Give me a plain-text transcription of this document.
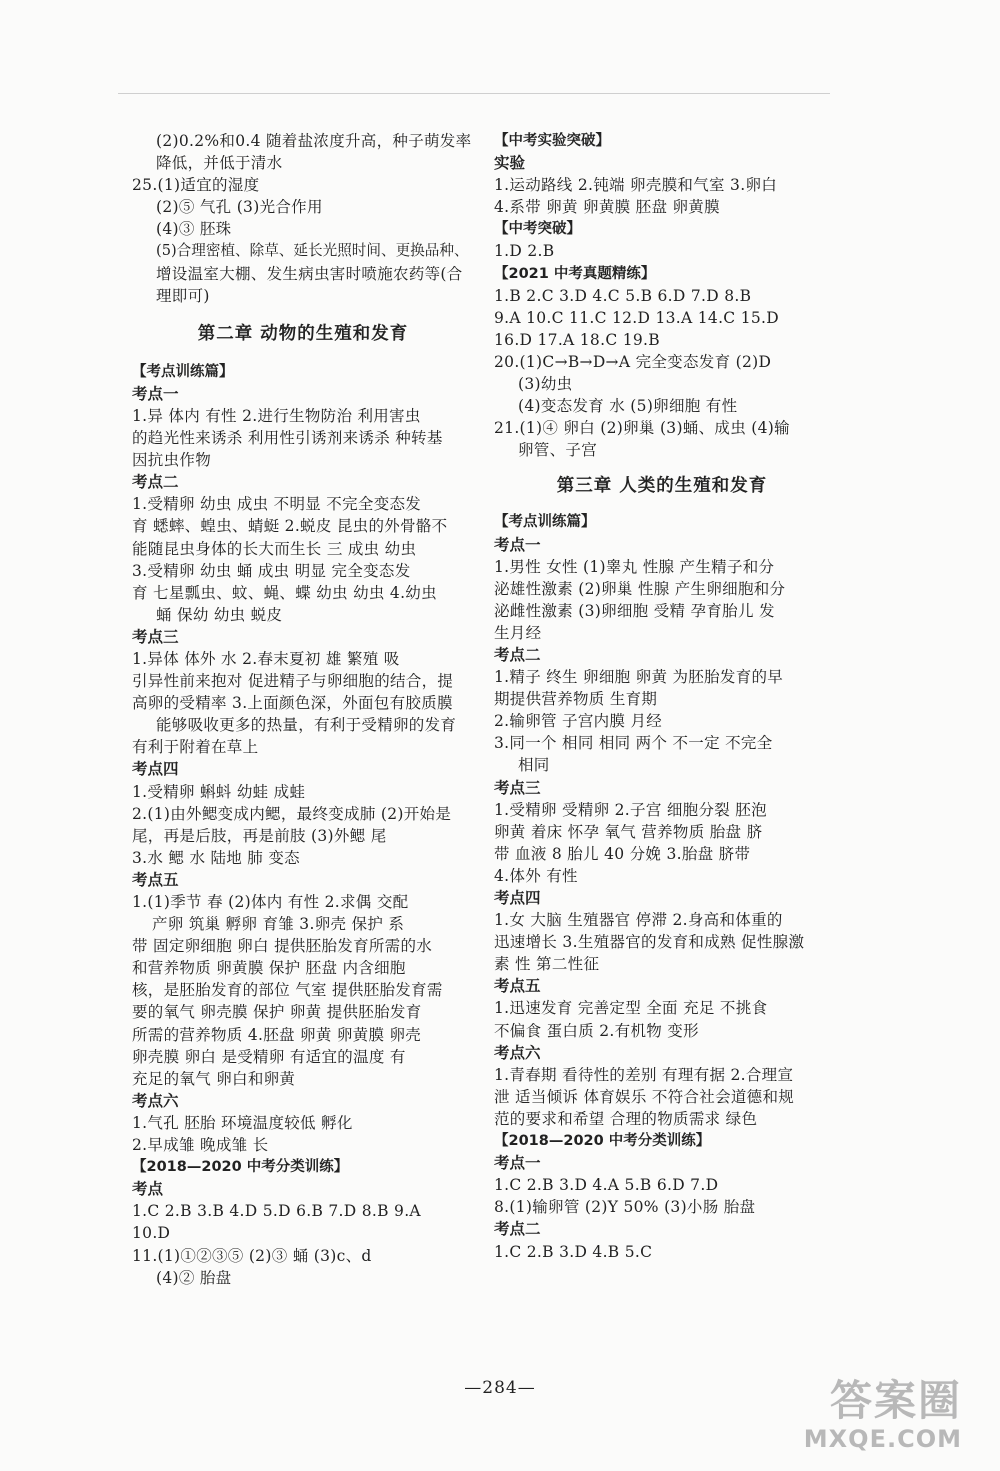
(2)0.2%和0.4 随着盐浓度升高，种子萌发率
降低，并低于清水
25.(1)适宜的湿度
(2)⑤ 气孔 (3)光合作用
(4)③ 胚珠
(5)合理密植、除草、延长光照时间、更换品种、
增设温室大棚、发生病虫害时喷施农药等(合
理即可)
第二章 动物的生殖和发育
【考点训练篇】
考点一
1.异 体内 有性 2.进行生物防治 利用害虫
的趋光性来诱杀 利用性引诱剂来诱杀 种转基
因抗虫作物
考点二
1.受精卵 幼虫 成虫 不明显 不完全变态发
育 蟋蟀、蝗虫、蜻蜓 2.蜕皮 昆虫的外骨骼不
能随昆虫身体的长大而生长 三 成虫 幼虫
3.受精卵 幼虫 蛹 成虫 明显 完全变态发
育 七星瓢虫、蚊、蝇、蝶 幼虫 幼虫 4.幼虫
蛹 保幼 幼虫 蜕皮
考点三
1.异体 体外 水 2.春末夏初 雄 繁殖 吸
引异性前来抱对 促进精子与卵细胞的结合，提
高卵的受精率 3.上面颜色深，外面包有胶质膜
能够吸收更多的热量，有利于受精卵的发育
有利于附着在草上
考点四
1.受精卵 蝌蚪 幼蛙 成蛙
2.(1)由外鳃变成内鳃，最终变成肺 (2)开始是
尾，再是后肢，再是前肢 (3)外鳃 尾
3.水 鳃 水 陆地 肺 变态
考点五
1.(1)季节 春 (2)体内 有性 2.求偶 交配
产卵 筑巢 孵卵 育雏 3.卵壳 保护 系
带 固定卵细胞 卵白 提供胚胎发育所需的水
和营养物质 卵黄膜 保护 胚盘 内含细胞
核，是胚胎发育的部位 气室 提供胚胎发育需
要的氧气 卵壳膜 保护 卵黄 提供胚胎发育
所需的营养物质 4.胚盘 卵黄 卵黄膜 卵壳
卵壳膜 卵白 是受精卵 有适宜的温度 有
充足的氧气 卵白和卵黄
考点六
1.气孔 胚胎 环境温度较低 孵化
2.早成雏 晚成雏 长
【2018—2020 中考分类训练】
考点
1.C 2.B 3.B 4.D 5.D 6.B 7.D 8.B 9.A
10.D
11.(1)①②③⑤ (2)③ 蛹 (3)c、d
(4)② 胎盘
【中考实验突破】
实验
1.运动路线 2.钝端 卵壳膜和气室 3.卵白
4.系带 卵黄 卵黄膜 胚盘 卵黄膜
【中考突破】
1.D 2.B
【2021 中考真题精练】
1.B 2.C 3.D 4.C 5.B 6.D 7.D 8.B
9.A 10.C 11.C 12.D 13.A 14.C 15.D
16.D 17.A 18.C 19.B
20.(1)C→B→D→A 完全变态发育 (2)D
(3)幼虫
(4)变态发育 水 (5)卵细胞 有性
21.(1)④ 卵白 (2)卵巢 (3)蛹、成虫 (4)输
卵管、子宫
第三章 人类的生殖和发育
【考点训练篇】
考点一
1.男性 女性 (1)睾丸 性腺 产生精子和分
泌雄性激素 (2)卵巢 性腺 产生卵细胞和分
泌雌性激素 (3)卵细胞 受精 孕育胎儿 发
生月经
考点二
1.精子 终生 卵细胞 卵黄 为胚胎发育的早
期提供营养物质 生育期
2.输卵管 子宫内膜 月经
3.同一个 相同 相同 两个 不一定 不完全
相同
考点三
1.受精卵 受精卵 2.子宫 细胞分裂 胚泡
卵黄 着床 怀孕 氧气 营养物质 胎盘 脐
带 血液 8 胎儿 40 分娩 3.胎盘 脐带
4.体外 有性
考点四
1.女 大脑 生殖器官 停滞 2.身高和体重的
迅速增长 3.生殖器官的发育和成熟 促性腺激
素 性 第二性征
考点五
1.迅速发育 完善定型 全面 充足 不挑食
不偏食 蛋白质 2.有机物 变形
考点六
1.青春期 看待性的差别 有理有据 2.合理宣
泄 适当倾诉 体育娱乐 不符合社会道德和规
范的要求和希望 合理的物质需求 绿色
【2018—2020 中考分类训练】
考点一
1.C 2.B 3.D 4.A 5.B 6.D 7.D
8.(1)输卵管 (2)Y 50% (3)小肠 胎盘
考点二
1.C 2.B 3.D 4.B 5.C
—284—	答案圈
MXQE.COM
